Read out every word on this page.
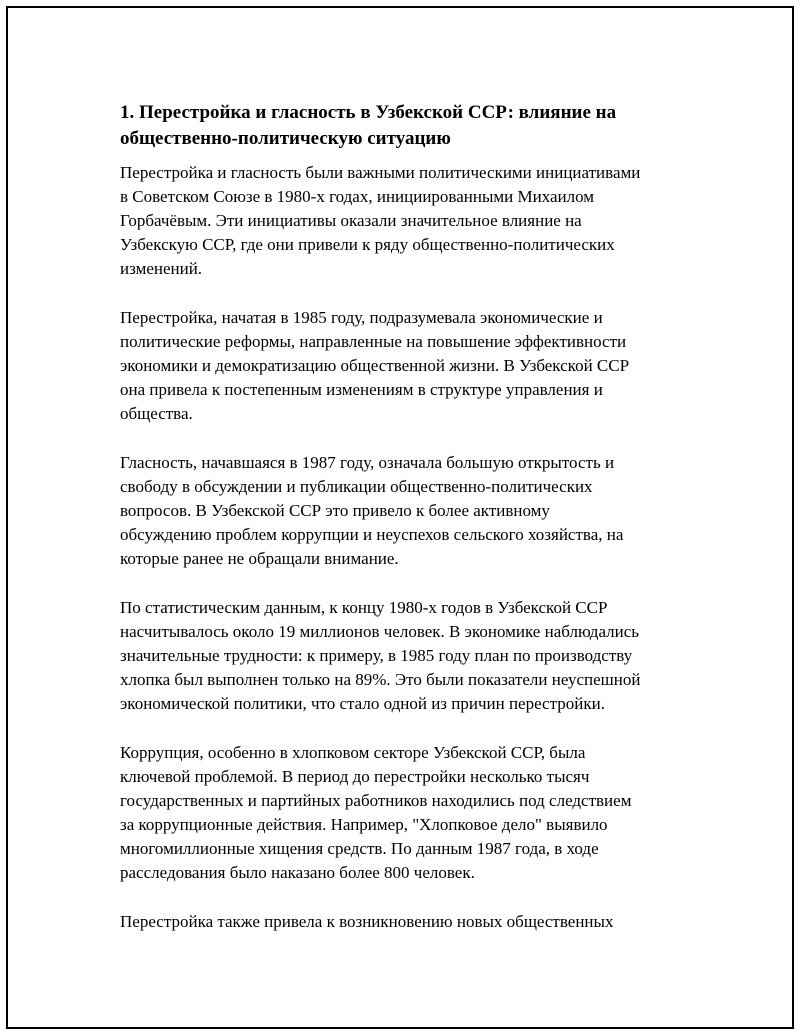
1. Перестройка и гласность в Узбекской ССР: влияние на общественно-политическую ситуацию

Перестройка и гласность были важными политическими инициативами
в Советском Союзе в 1980-х годах, инициированными Михаилом
Горбачёвым. Эти инициативы оказали значительное влияние на
Узбекскую ССР, где они привели к ряду общественно-политических
изменений.

Перестройка, начатая в 1985 году, подразумевала экономические и
политические реформы, направленные на повышение эффективности
экономики и демократизацию общественной жизни. В Узбекской ССР
она привела к постепенным изменениям в структуре управления и
общества.

Гласность, начавшаяся в 1987 году, означала большую открытость и
свободу в обсуждении и публикации общественно-политических
вопросов. В Узбекской ССР это привело к более активному
обсуждению проблем коррупции и неуспехов сельского хозяйства, на
которые ранее не обращали внимание.

По статистическим данным, к концу 1980-х годов в Узбекской ССР
насчитывалось около 19 миллионов человек. В экономике наблюдались
значительные трудности: к примеру, в 1985 году план по производству
хлопка был выполнен только на 89%. Это были показатели неуспешной
экономической политики, что стало одной из причин перестройки.

Коррупция, особенно в хлопковом секторе Узбекской ССР, была
ключевой проблемой. В период до перестройки несколько тысяч
государственных и партийных работников находились под следствием
за коррупционные действия. Например, "Хлопковое дело" выявило
многомиллионные хищения средств. По данным 1987 года, в ходе
расследования было наказано более 800 человек.

Перестройка также привела к возникновению новых общественных
